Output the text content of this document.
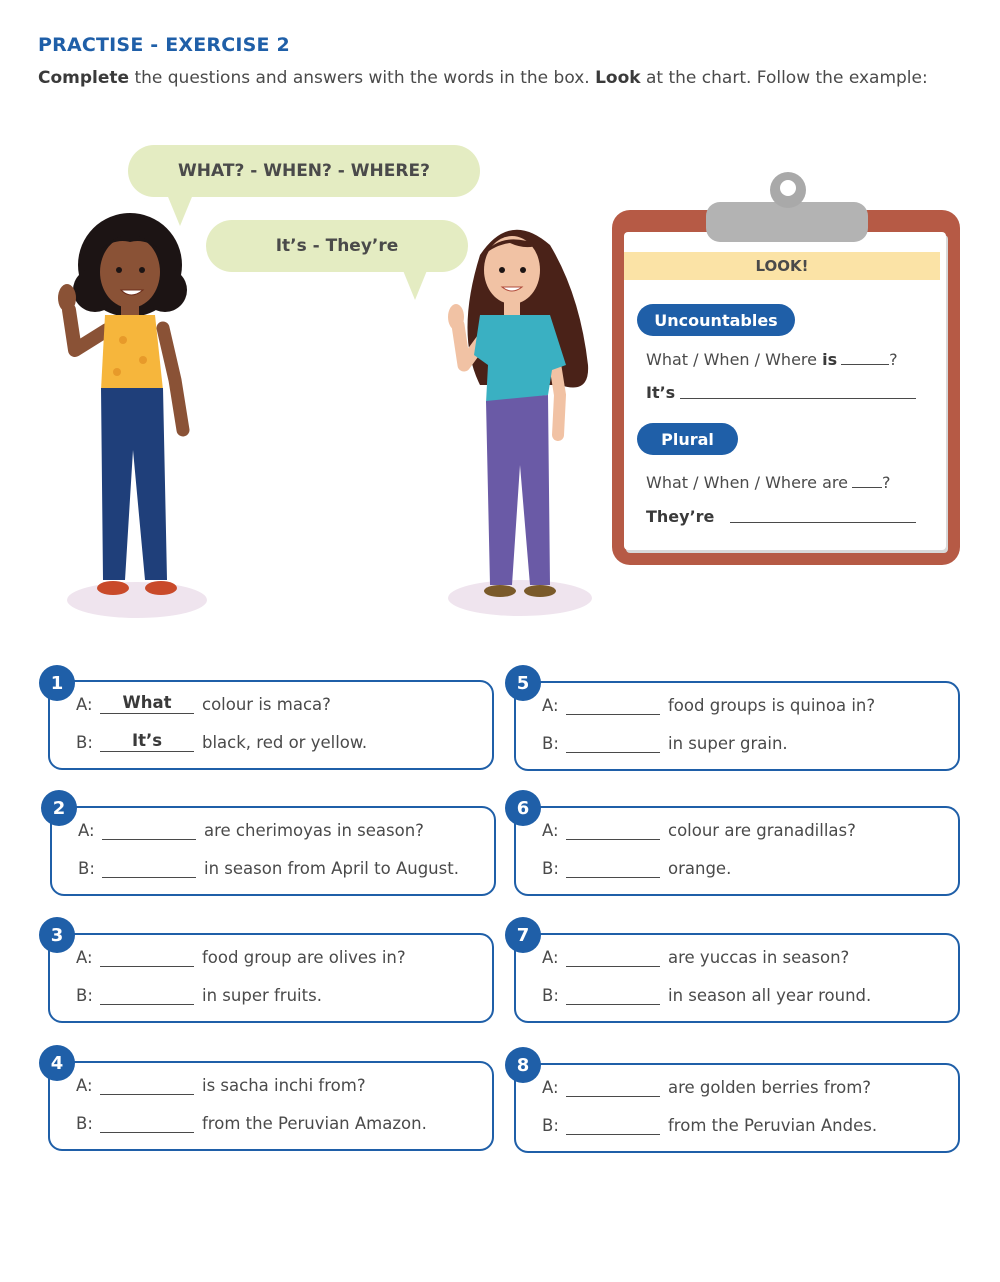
PRACTISE - EXERCISE 2
Complete the questions and answers with the words in the box. Look at the chart. Follow the example:
WHAT? - WHEN? - WHERE?
It’s - They’re
LOOK!
Uncountables
What / When / Where is	?
It’s
Plural
What / When / Where are ?
They’re
A:	What	colour is maca?
B:	It’s	black, red or yellow.
1
A:	are cherimoyas in season?
B:	in season from April to August.
2
A:	food group are olives in?
B:	in super fruits.
3
A:	is sacha inchi from?
B:	from the Peruvian Amazon.
4
A:	food groups is quinoa in?
B:	in super grain.
5
A:	colour are granadillas?
B:	orange.
6
A:	are yuccas in season?
B:	in season all year round.
7
A:	are golden berries from?
B:	from the Peruvian Andes.
8
